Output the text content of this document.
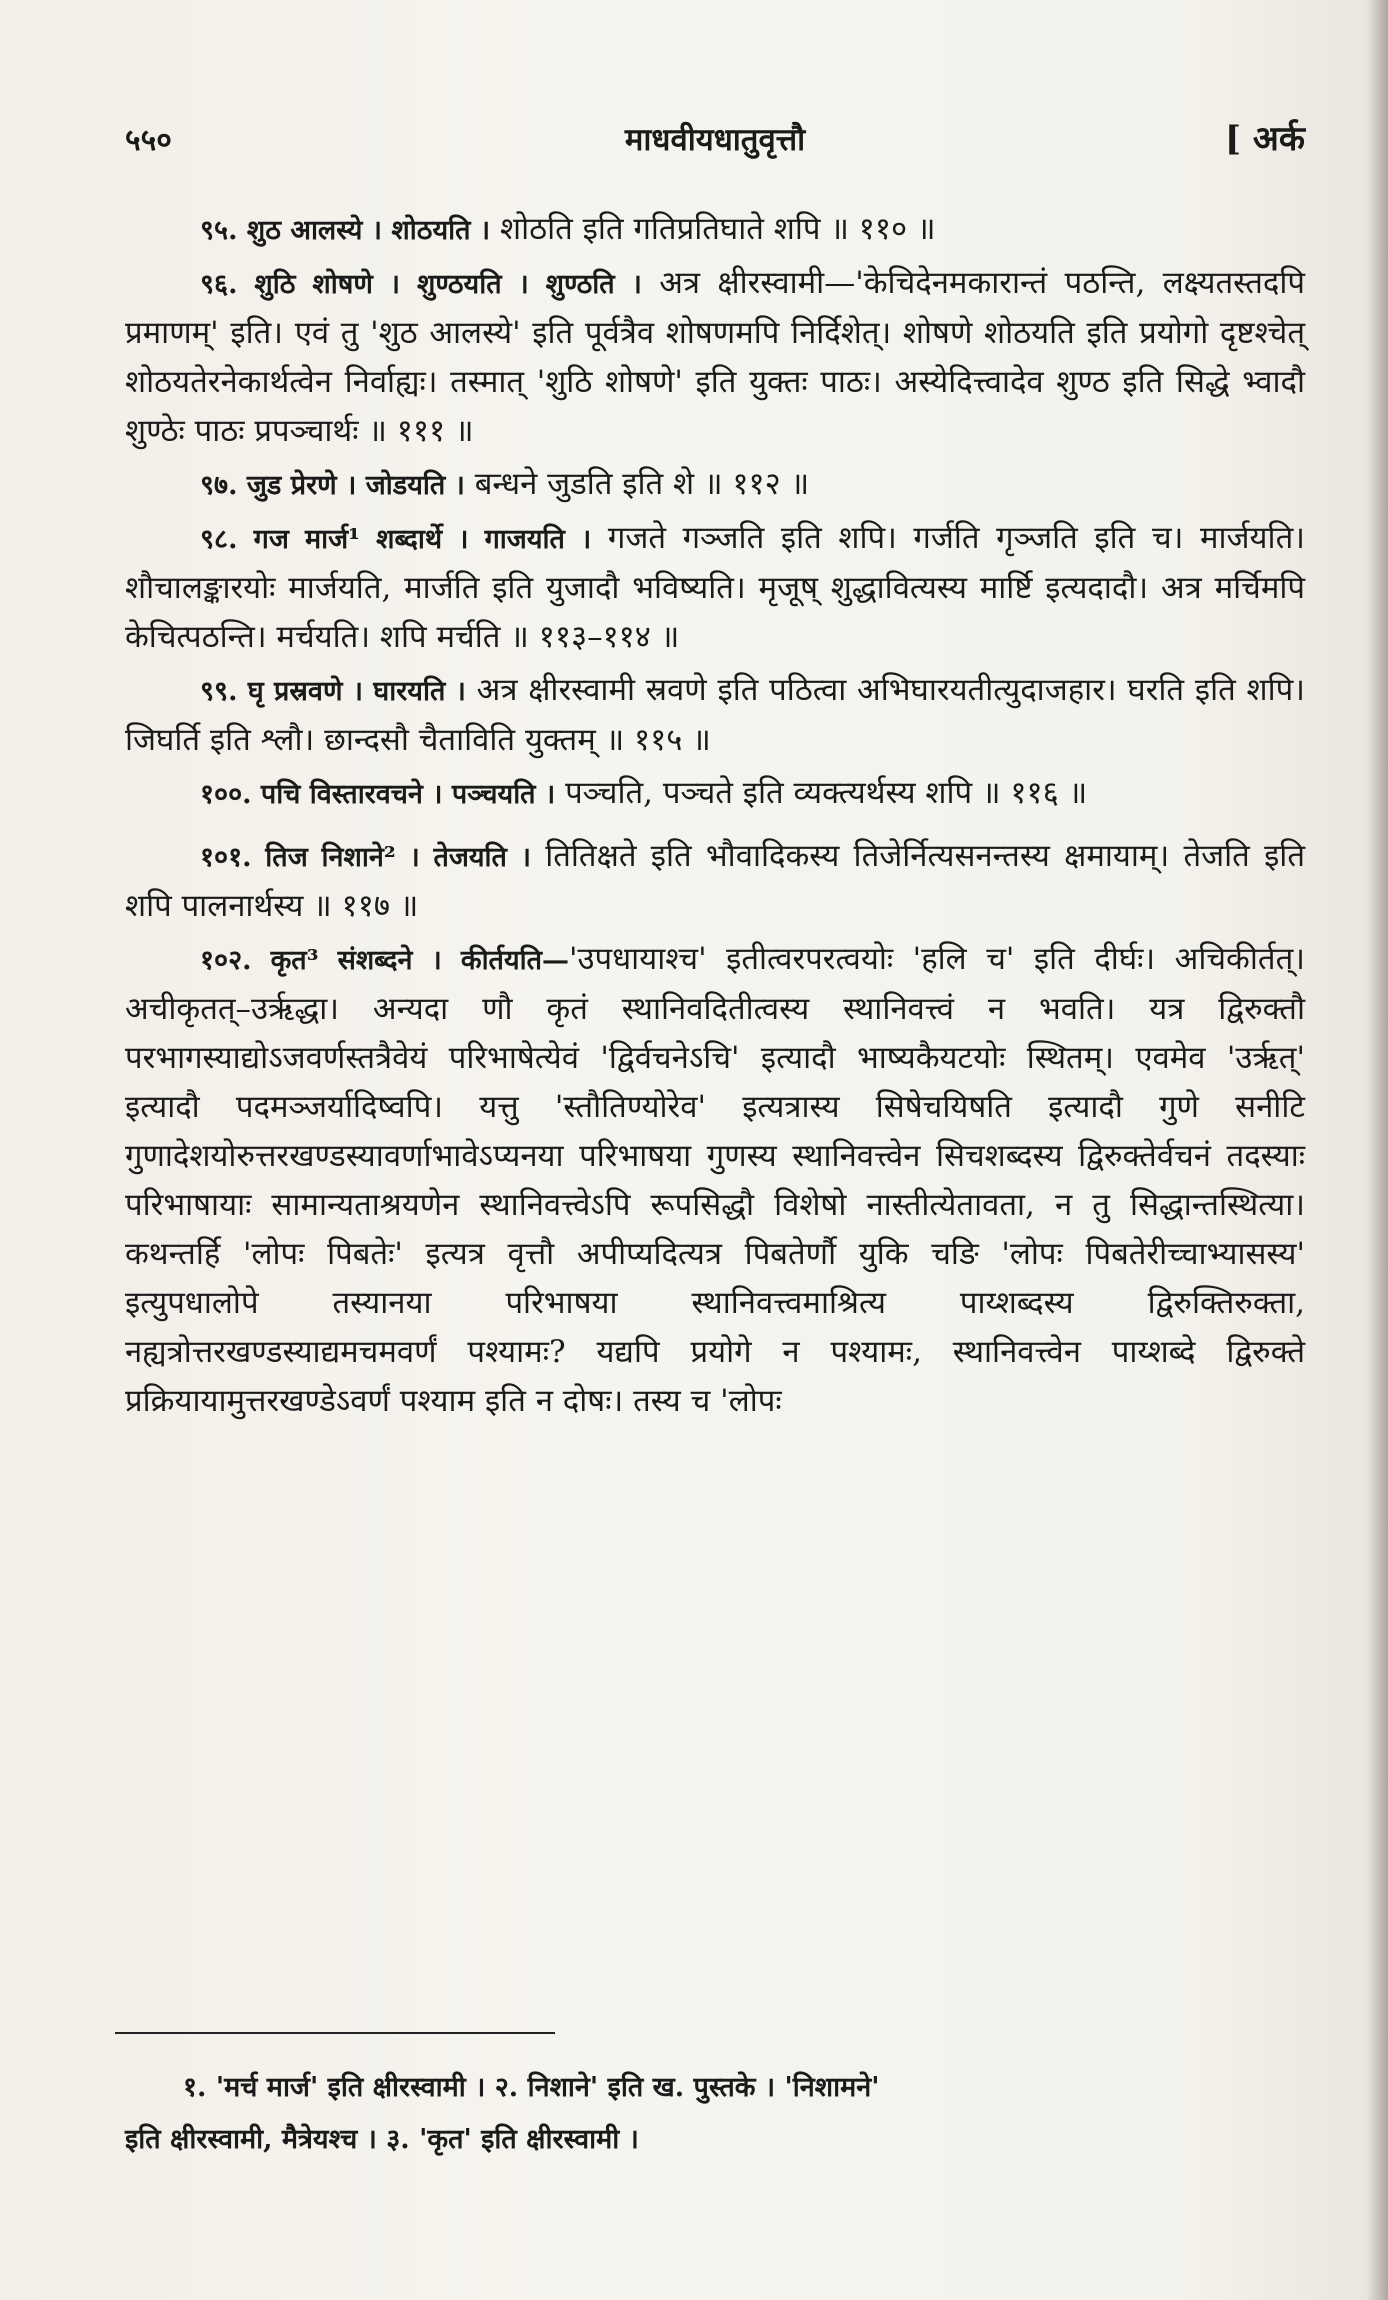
५५०	माधवीयधातुवृत्तौ	[ अर्क

९५. शुठ आलस्ये । शोठयति । शोठति इति गतिप्रतिघाते शपि ॥ ११० ॥

९६. शुठि शोषणे । शुण्ठयति । शुण्ठति । अत्र क्षीरस्वामी—'केचिदेनमकारान्तं पठन्ति, लक्ष्यतस्तदपि प्रमाणम्' इति। एवं तु 'शुठ आलस्ये' इति पूर्वत्रैव शोषणमपि निर्दिशेत्। शोषणे शोठयति इति प्रयोगो दृष्टश्चेत् शोठयतेरनेकार्थत्वेन निर्वाह्यः। तस्मात् 'शुठि शोषणे' इति युक्तः पाठः। अस्येदित्त्वादेव शुण्ठ इति सिद्धे भ्वादौ शुण्ठेः पाठः प्रपञ्चार्थः ॥ १११ ॥

९७. जुड प्रेरणे । जोडयति । बन्धने जुडति इति शे ॥ ११२ ॥

९८. गज मार्ज¹ शब्दार्थे । गाजयति । गजते गञ्जति इति शपि। गर्जति गृञ्जति इति च। मार्जयति। शौचालङ्कारयोः मार्जयति, मार्जति इति युजादौ भविष्यति। मृजूष् शुद्धावित्यस्य मार्ष्टि इत्यदादौ। अत्र मर्चिमपि केचित्पठन्ति। मर्चयति। शपि मर्चति ॥ ११३–११४ ॥

९९. घृ प्रस्रवणे । घारयति । अत्र क्षीरस्वामी स्रवणे इति पठित्वा अभिघारयतीत्युदाजहार। घरति इति शपि। जिघर्ति इति श्लौ। छान्दसौ चैताविति युक्तम् ॥ ११५ ॥

१००. पचि विस्तारवचने । पञ्चयति । पञ्चति, पञ्चते इति व्यक्त्यर्थस्य शपि ॥ ११६ ॥

१०१. तिज निशाने² । तेजयति । तितिक्षते इति भौवादिकस्य तिजेर्नित्यसनन्तस्य क्षमायाम्। तेजति इति शपि पालनार्थस्य ॥ ११७ ॥

१०२. कृत³ संशब्दने । कीर्तयति—'उपधायाश्च' इतीत्वरपरत्वयोः 'हलि च' इति दीर्घः। अचिकीर्तत्। अचीकृतत्–उर्ऋद्धा। अन्यदा णौ कृतं स्थानिवदितीत्वस्य स्थानिवत्त्वं न भवति। यत्र द्विरुक्तौ परभागस्याद्योऽजवर्णस्तत्रैवेयं परिभाषेत्येवं 'द्विर्वचनेऽचि' इत्यादौ भाष्यकैयटयोः स्थितम्। एवमेव 'उर्ऋत्' इत्यादौ पदमञ्जर्यादिष्वपि। यत्तु 'स्तौतिण्योरेव' इत्यत्रास्य सिषेचयिषति इत्यादौ गुणे सनीटि गुणादेशयोरुत्तरखण्डस्यावर्णाभावेऽप्यनया परिभाषया गुणस्य स्थानिवत्त्वेन सिचशब्दस्य द्विरुक्तेर्वचनं तदस्याः परिभाषायाः सामान्यताश्रयणेन स्थानिवत्त्वेऽपि रूपसिद्धौ विशेषो नास्तीत्येतावता, न तु सिद्धान्तस्थित्या। कथन्तर्हि 'लोपः पिबतेः' इत्यत्र वृत्तौ अपीप्यदित्यत्र पिबतेर्णौ युकि चङि 'लोपः पिबतेरीच्चाभ्यासस्य' इत्युपधालोपे तस्यानया परिभाषया स्थानिवत्त्वमाश्रित्य पाय्शब्दस्य द्विरुक्तिरुक्ता, नह्यत्रोत्तरखण्डस्याद्यमचमवर्णं पश्यामः? यद्यपि प्रयोगे न पश्यामः, स्थानिवत्त्वेन पाय्शब्दे द्विरुक्ते प्रक्रियायामुत्तरखण्डेऽवर्णं पश्याम इति न दोषः। तस्य च 'लोपः

१. 'मर्च मार्ज' इति क्षीरस्वामी । २. निशाने' इति ख. पुस्तके । 'निशामने'

इति क्षीरस्वामी, मैत्रेयश्च । ३. 'कृत' इति क्षीरस्वामी ।
